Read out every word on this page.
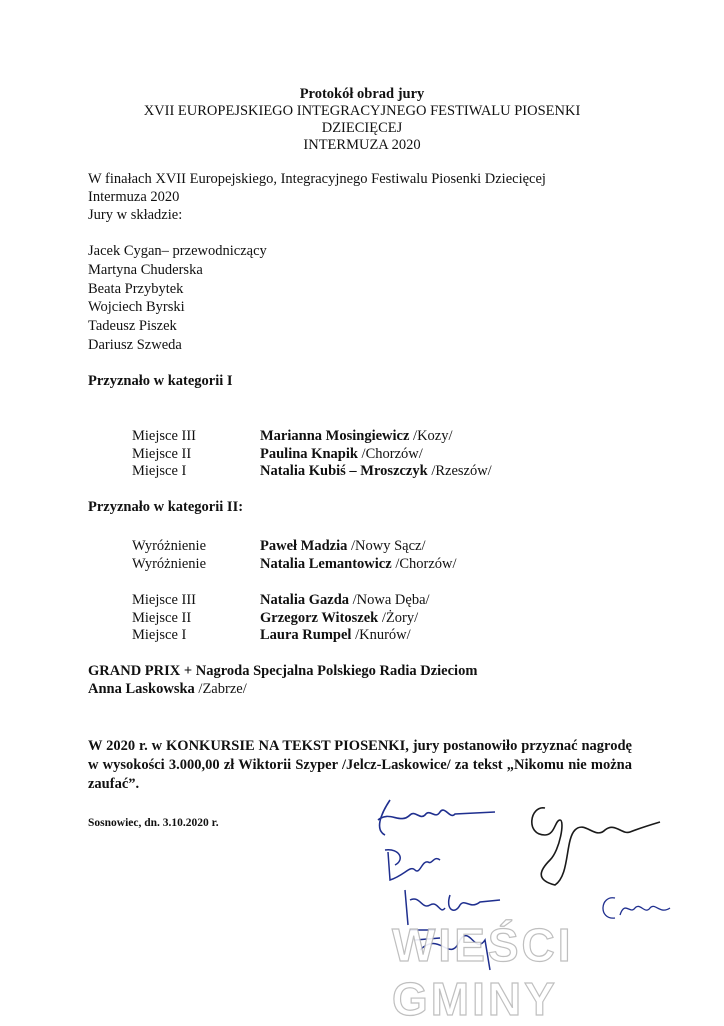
Protokół obrad jury
XVII EUROPEJSKIEGO INTEGRACYJNEGO FESTIWALU PIOSENKI
DZIECIĘCEJ
INTERMUZA 2020
W finałach XVII Europejskiego, Integracyjnego Festiwalu Piosenki Dziecięcej
Intermuza 2020
Jury w składzie:
Jacek Cygan– przewodniczący
Martyna Chuderska
Beata Przybytek
Wojciech Byrski
Tadeusz Piszek
Dariusz Szweda
Przyznało w kategorii I
Miejsce III	Marianna Mosingiewicz /Kozy/
Miejsce II	Paulina Knapik /Chorzów/
Miejsce I	Natalia Kubiś – Mroszczyk /Rzeszów/
Przyznało w kategorii II:
Wyróżnienie	Paweł Madzia /Nowy Sącz/
Wyróżnienie	Natalia Lemantowicz /Chorzów/
Miejsce III	Natalia Gazda /Nowa Dęba/
Miejsce II	Grzegorz Witoszek /Żory/
Miejsce I	Laura Rumpel /Knurów/
GRAND PRIX + Nagroda Specjalna Polskiego Radia Dzieciom
Anna Laskowska /Zabrze/
W 2020 r. w KONKURSIE NA TEKST PIOSENKI, jury postanowiło przyznać nagrodę w wysokości 3.000,00 zł Wiktorii Szyper /Jelcz-Laskowice/ za tekst „Nikomu nie można zaufać”.
Sosnowiec, dn. 3.10.2020 r.
WIEŚCI GMINY
